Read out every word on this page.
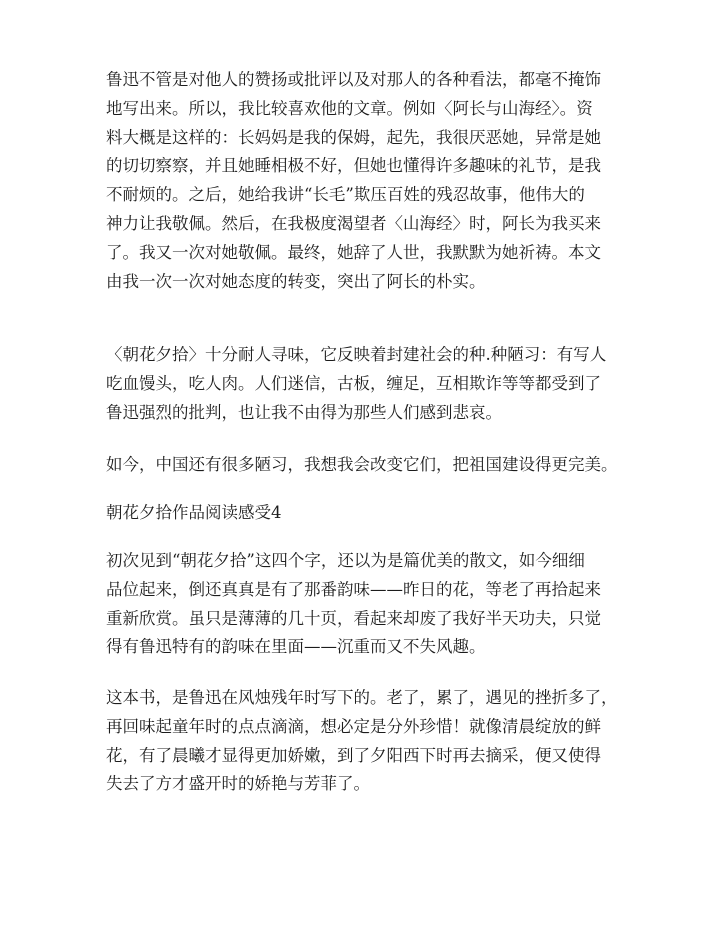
鲁迅不管是对他人的赞扬或批评以及对那人的各种看法，都毫不掩饰
地写出来。所以，我比较喜欢他的文章。例如〈阿长与山海经〉。资
料大概是这样的：长妈妈是我的保姆，起先，我很厌恶她，异常是她
的切切察察，并且她睡相极不好，但她也懂得许多趣味的礼节，是我
不耐烦的。之后，她给我讲“长毛”欺压百姓的残忍故事，他伟大的
神力让我敬佩。然后，在我极度渴望者〈山海经〉时，阿长为我买来
了。我又一次对她敬佩。最终，她辞了人世，我默默为她祈祷。本文
由我一次一次对她态度的转变，突出了阿长的朴实。
〈朝花夕拾〉十分耐人寻味，它反映着封建社会的种.种陋习：有写人
吃血馒头，吃人肉。人们迷信，古板，缠足，互相欺诈等等都受到了
鲁迅强烈的批判，也让我不由得为那些人们感到悲哀。
如今，中国还有很多陋习，我想我会改变它们，把祖国建设得更完美。
朝花夕拾作品阅读感受4
初次见到“朝花夕拾”这四个字，还以为是篇优美的散文，如今细细
品位起来，倒还真真是有了那番韵味——昨日的花，等老了再拾起来
重新欣赏。虽只是薄薄的几十页，看起来却废了我好半天功夫，只觉
得有鲁迅特有的韵味在里面——沉重而又不失风趣。
这本书，是鲁迅在风烛残年时写下的。老了，累了，遇见的挫折多了，
再回味起童年时的点点滴滴，想必定是分外珍惜！就像清晨绽放的鲜
花，有了晨曦才显得更加娇嫩，到了夕阳西下时再去摘采，便又使得
失去了方才盛开时的娇艳与芳菲了。
